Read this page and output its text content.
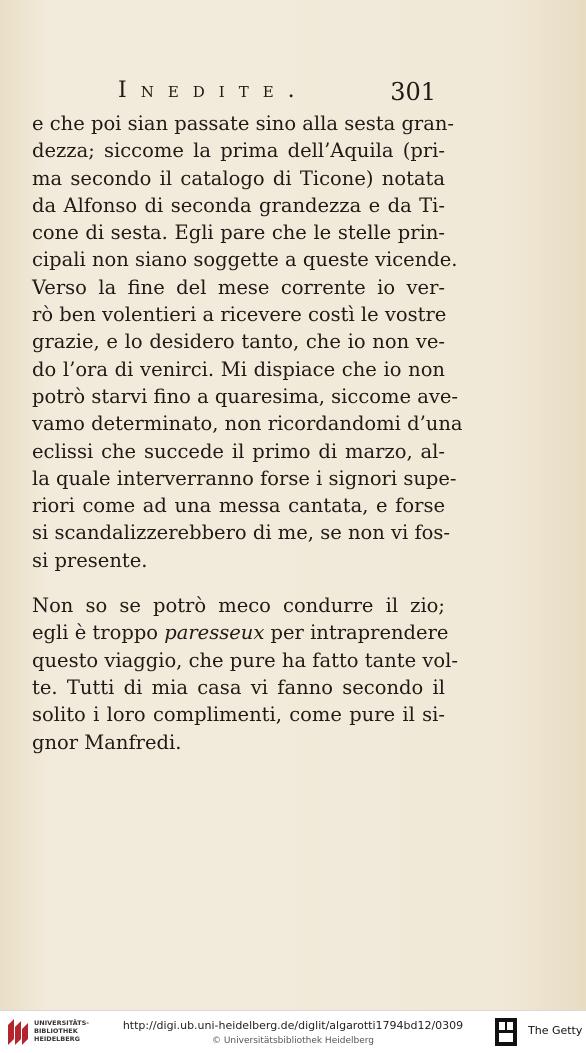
Inedite.	301
e che poi sian passate sino alla sesta gran-
dezza; siccome la prima dell’Aquila (pri-
ma secondo il catalogo di Ticone) notata
da Alfonso di seconda grandezza e da Ti-
cone di sesta. Egli pare che le stelle prin-
cipali non siano soggette a queste vicende.
Verso la fine del mese corrente io ver-
rò ben volentieri a ricevere costì le vostre
grazie, e lo desidero tanto, che io non ve-
do l’ora di venirci. Mi dispiace che io non
potrò starvi fino a quaresima, siccome ave-
vamo determinato, non ricordandomi d’una
eclissi che succede il primo di marzo, al-
la quale interverranno forse i signori supe-
riori come ad una messa cantata, e forse
si scandalizzerebbero di me, se non vi fos-
si presente.
Non so se potrò meco condurre il zio;
egli è troppo paresseux per intraprendere
questo viaggio, che pure ha fatto tante vol-
te. Tutti di mia casa vi fanno secondo il
solito i loro complimenti, come pure il si-
gnor Manfredi.
UNIVERSITÄTS-
BIBLIOTHEK
HEIDELBERG
http://digi.ub.uni-heidelberg.de/diglit/algarotti1794bd12/0309
© Universitätsbibliothek Heidelberg
The Getty
